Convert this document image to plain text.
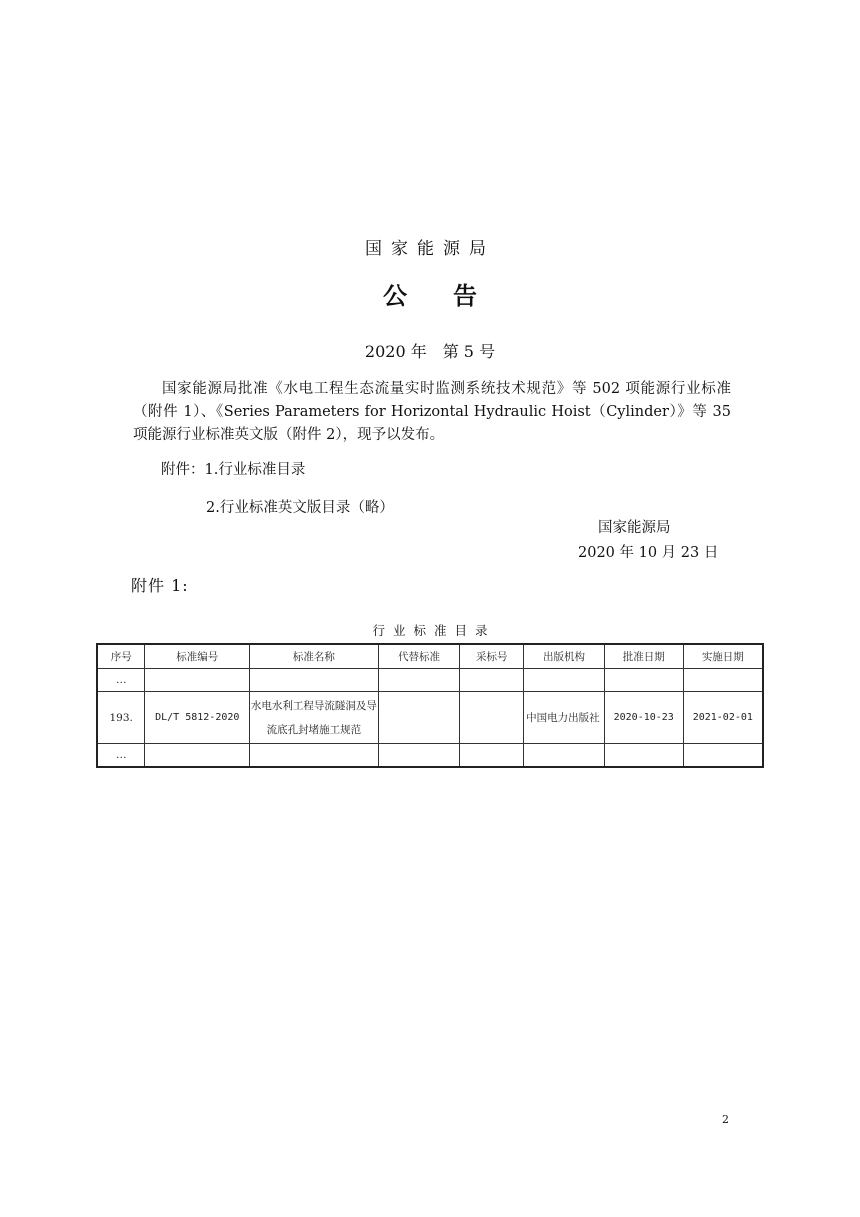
国家能源局
公告
2020 年　第 5 号
国家能源局批准《水电工程生态流量实时监测系统技术规范》等 502 项能源行业标准（附件 1）、《Series Parameters for Horizontal Hydraulic Hoist（Cylinder）》等 35 项能源行业标准英文版（附件 2），现予以发布。
附件：1.行业标准目录
2.行业标准英文版目录（略）
国家能源局
2020 年 10 月 23 日
附件 1:
行业标准目录
序号	标准编号	标准名称	代替标准	采标号	出版机构	批准日期	实施日期
…							
193.	DL/T 5812-2020	水电水利工程导流隧洞及导流底孔封堵施工规范			中国电力出版社	2020-10-23	2021-02-01
…							
2
